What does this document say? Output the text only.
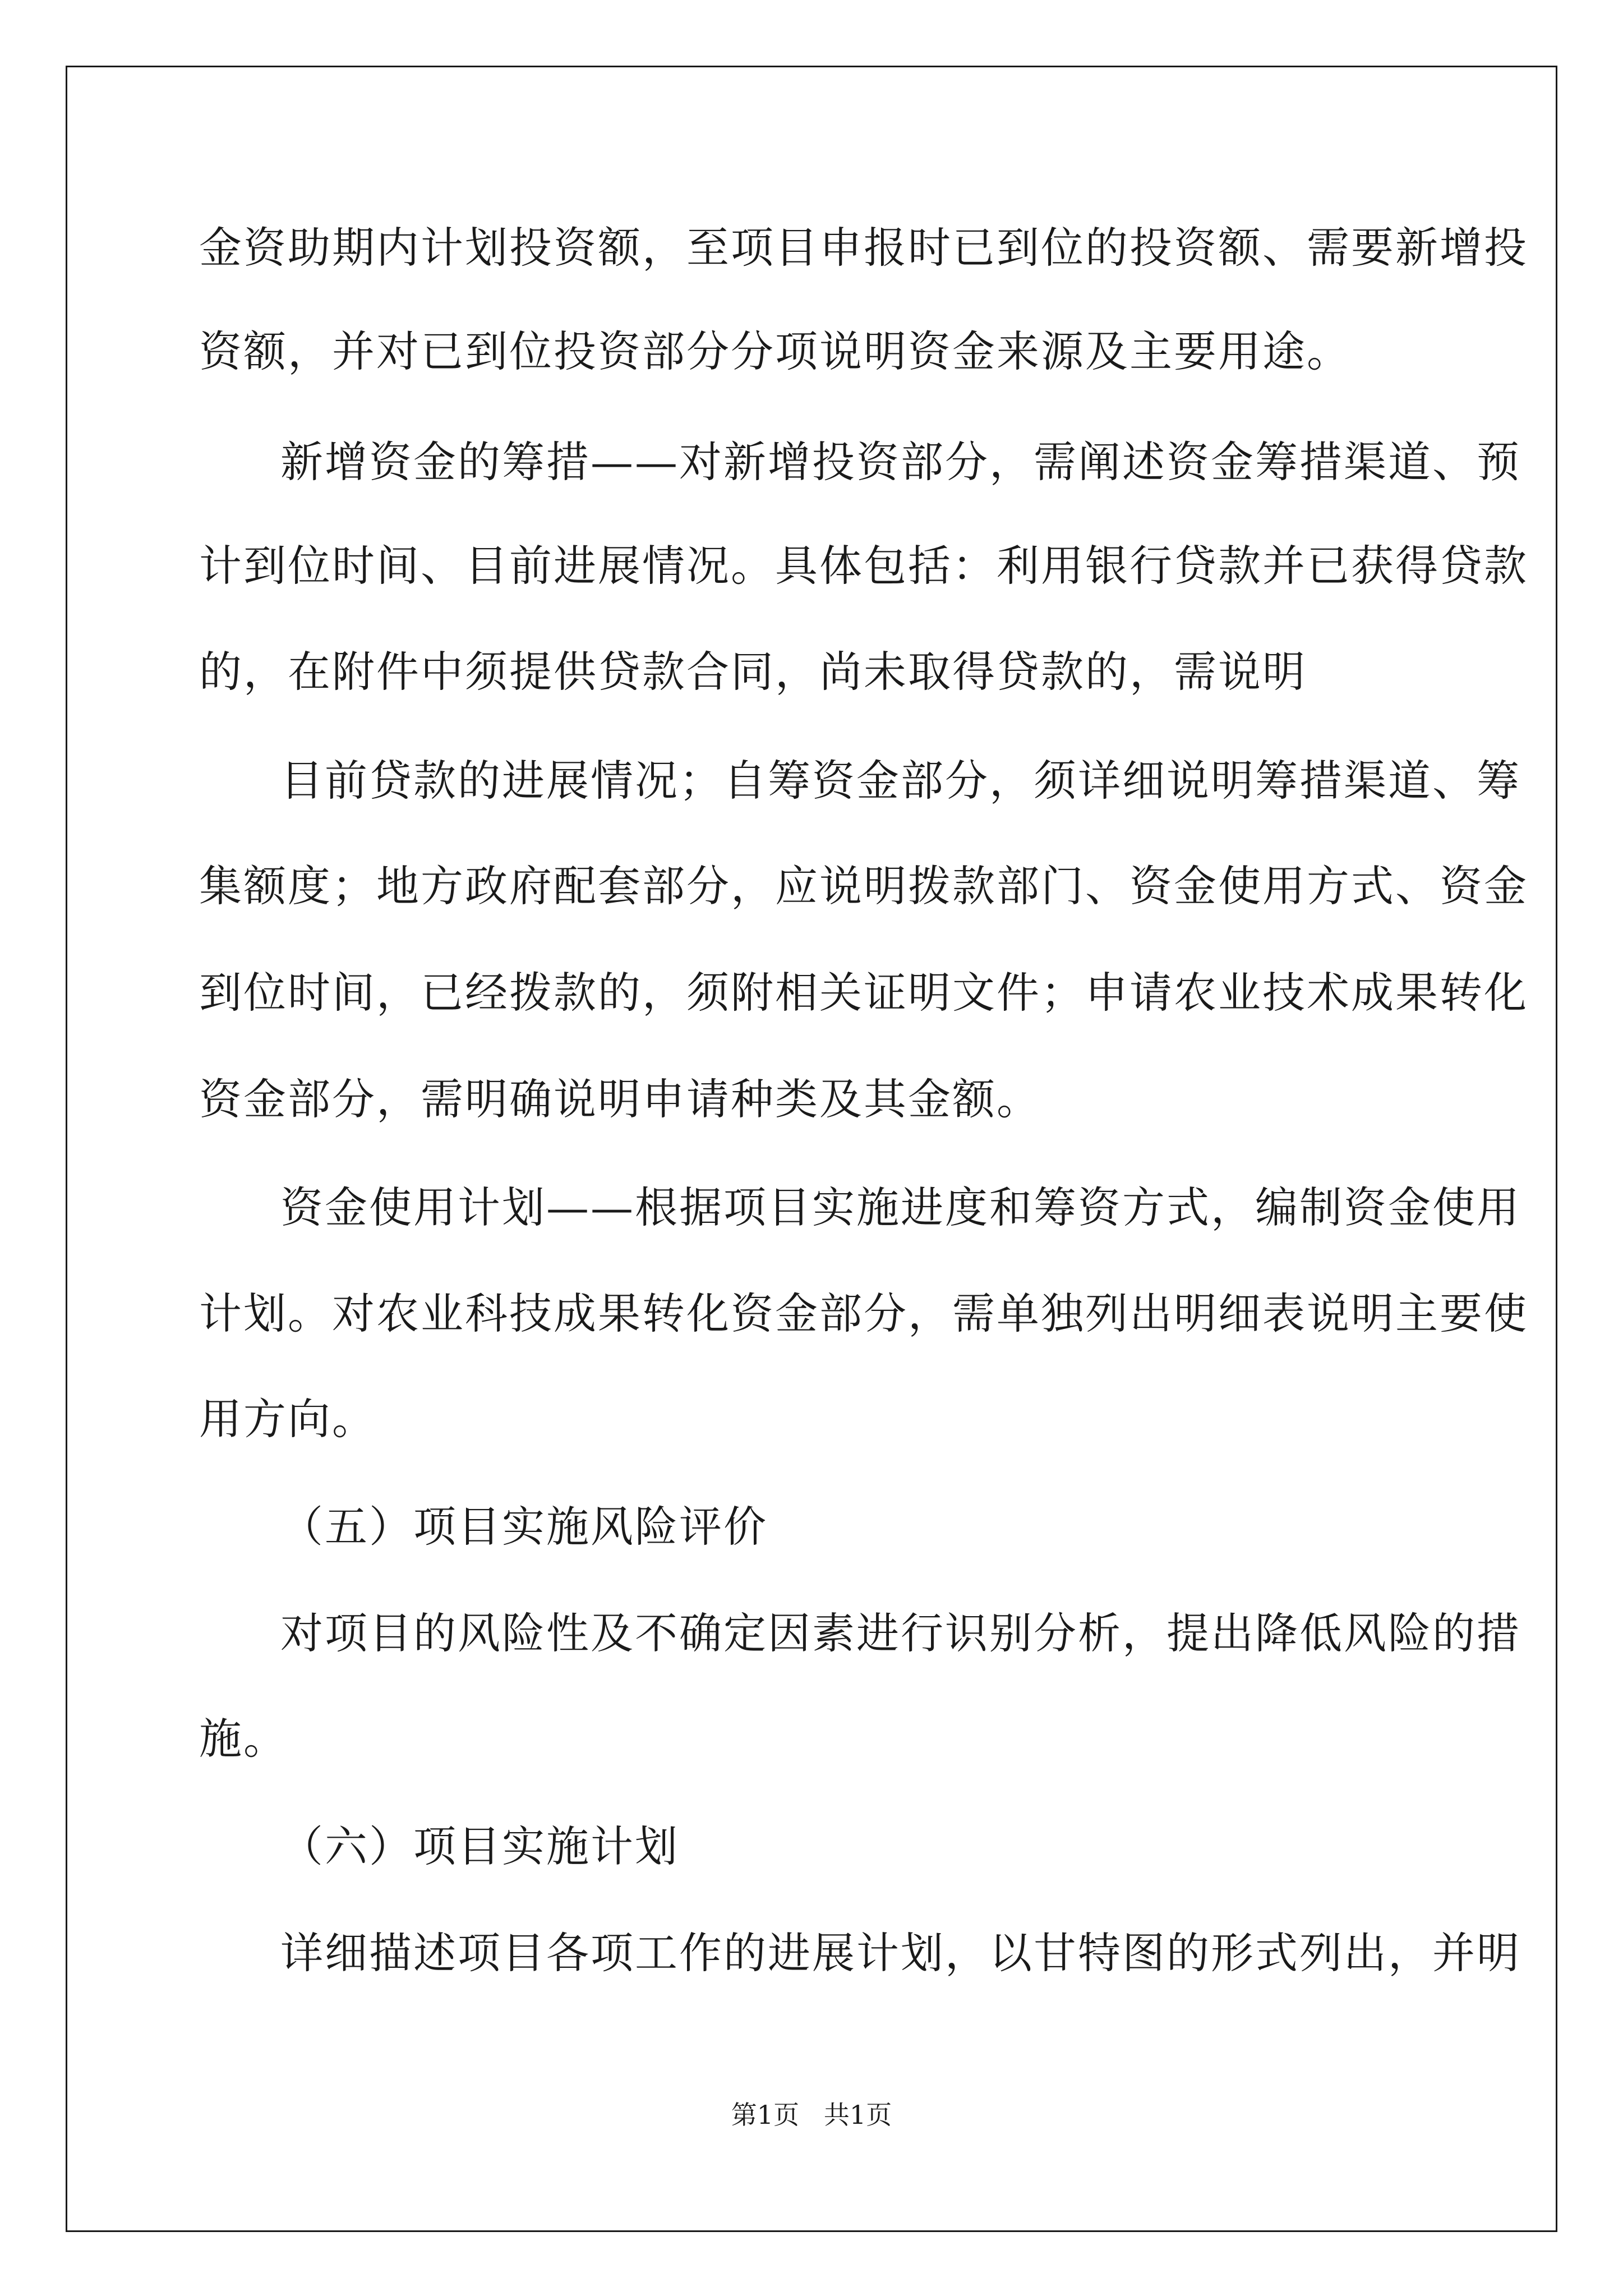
金资助期内计划投资额，至项目申报时已到位的投资额、需要新增投
资额，并对已到位投资部分分项说明资金来源及主要用途。
新增资金的筹措——对新增投资部分，需阐述资金筹措渠道、预
计到位时间、目前进展情况。具体包括：利用银行贷款并已获得贷款
的，在附件中须提供贷款合同，尚未取得贷款的，需说明
目前贷款的进展情况；自筹资金部分，须详细说明筹措渠道、筹
集额度；地方政府配套部分，应说明拨款部门、资金使用方式、资金
到位时间，已经拨款的，须附相关证明文件；申请农业技术成果转化
资金部分，需明确说明申请种类及其金额。
资金使用计划——根据项目实施进度和筹资方式，编制资金使用
计划。对农业科技成果转化资金部分，需单独列出明细表说明主要使
用方向。
（五）项目实施风险评价
对项目的风险性及不确定因素进行识别分析，提出降低风险的措
施。
（六）项目实施计划
详细描述项目各项工作的进展计划，以甘特图的形式列出，并明
第1页   共1页
